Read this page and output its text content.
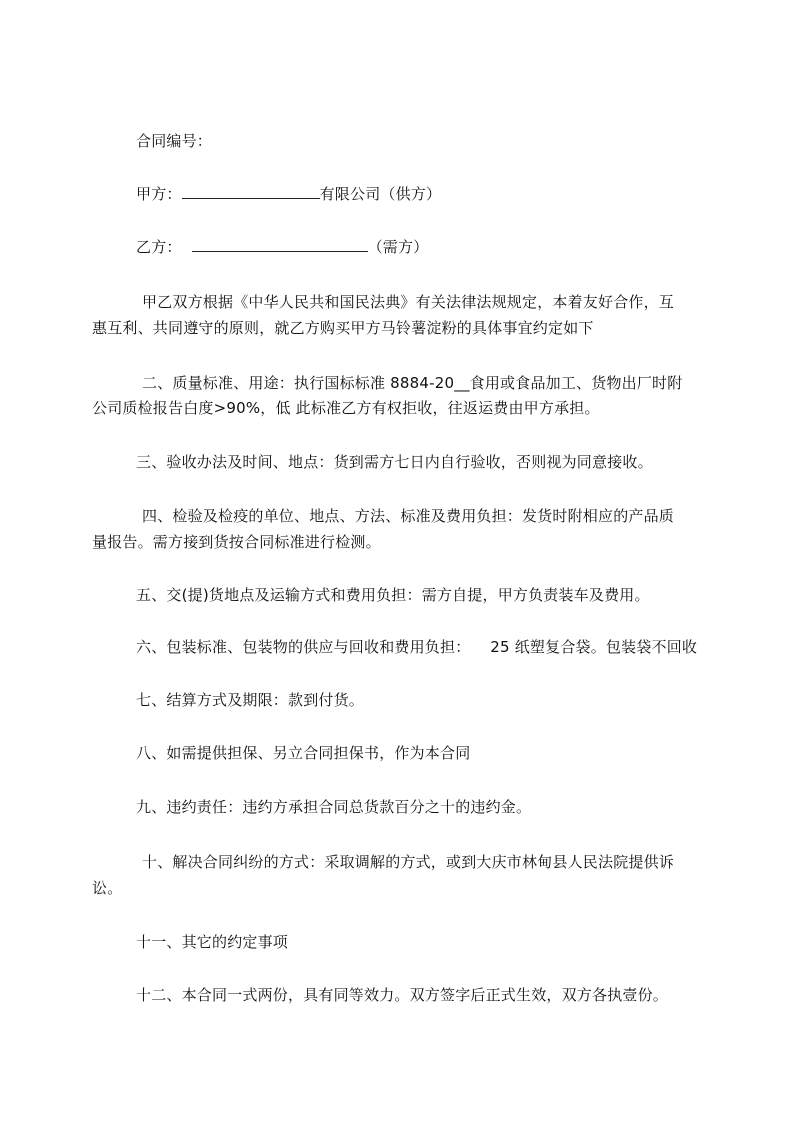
合同编号：
甲方：	有限公司（供方）
乙方：	（需方）
甲乙双方根据《中华人民共和国民法典》有关法律法规规定，本着友好合作，互
惠互利、共同遵守的原则，就乙方购买甲方马铃薯淀粉的具体事宜约定如下
二、质量标准、用途：执行国标标准 8884-20__食用或食品加工、货物出厂时附
公司质检报告白度>90%，低 此标准乙方有权拒收，往返运费由甲方承担。
三、验收办法及时间、地点：货到需方七日内自行验收，否则视为同意接收。
四、检验及检疫的单位、地点、方法、标准及费用负担：发货时附相应的产品质
量报告。需方接到货按合同标准进行检测。
五、交(提)货地点及运输方式和费用负担：需方自提，甲方负责装车及费用。
六、包装标准、包装物的供应与回收和费用负担：    25 纸塑复合袋。包装袋不回收
七、结算方式及期限：款到付货。
八、如需提供担保、另立合同担保书，作为本合同
九、违约责任：违约方承担合同总货款百分之十的违约金。
十、解决合同纠纷的方式：采取调解的方式，或到大庆市林甸县人民法院提供诉
讼。
十一、其它的约定事项
十二、本合同一式两份，具有同等效力。双方签字后正式生效，双方各执壹份。
